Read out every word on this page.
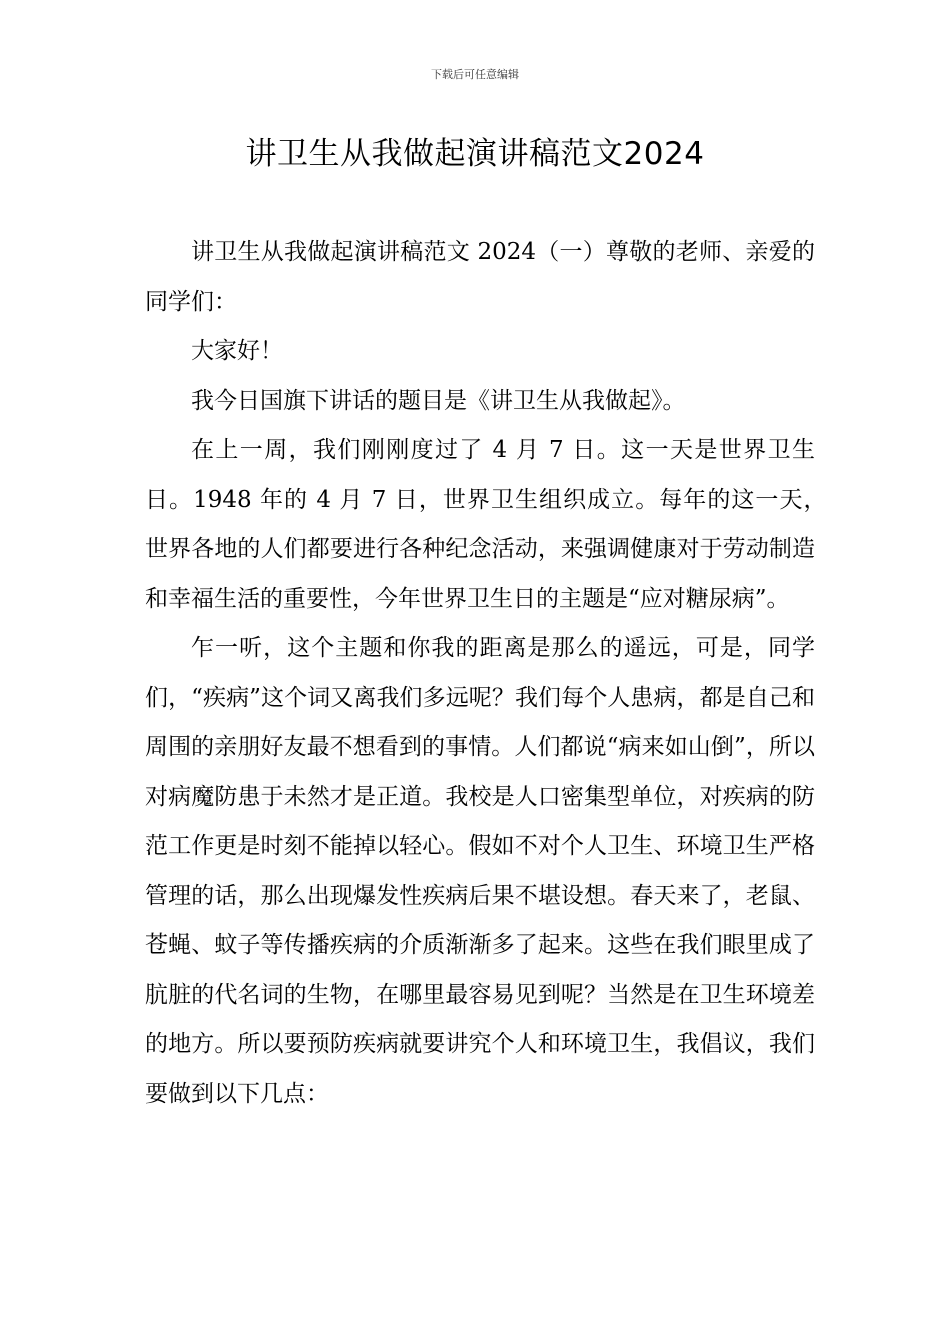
下载后可任意编辑
讲卫生从我做起演讲稿范文2024

讲卫生从我做起演讲稿范文 2024（一）尊敬的老师、亲爱的同学们：

大家好！

我今日国旗下讲话的题目是《讲卫生从我做起》。

在上一周，我们刚刚度过了 4 月 7 日。这一天是世界卫生日。1948 年的 4 月 7 日，世界卫生组织成立。每年的这一天，　世界各地的人们都要进行各种纪念活动，来强调健康对于劳动制造和幸福生活的重要性，今年世界卫生日的主题是“应对糖尿病”。

乍一听，这个主题和你我的距离是那么的遥远，可是，同学们，“疾病”这个词又离我们多远呢？我们每个人患病，都是自己和周围的亲朋好友最不想看到的事情。人们都说“病来如山倒”，所以对病魔防患于未然才是正道。我校是人口密集型单位，对疾病的防范工作更是时刻不能掉以轻心。假如不对个人卫生、环境卫生严格管理的话，那么出现爆发性疾病后果不堪设想。春天来了，老鼠、苍蝇、蚊子等传播疾病的介质渐渐多了起来。这些在我们眼里成了肮脏的代名词的生物，在哪里最容易见到呢？当然是在卫生环境差的地方。所以要预防疾病就要讲究个人和环境卫生，我倡议，我们要做到以下几点：
